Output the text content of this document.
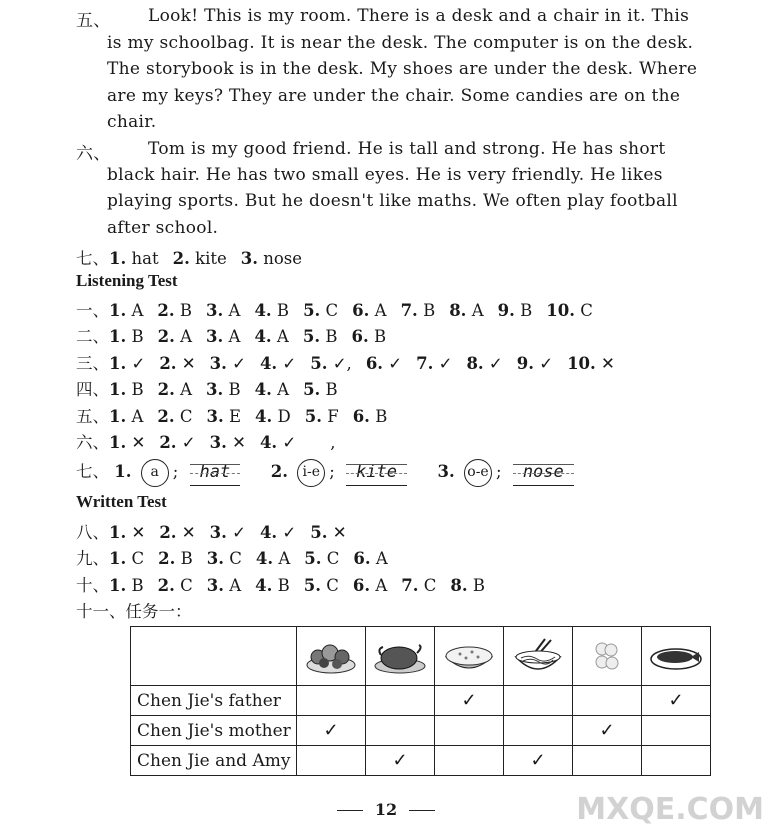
五、 Look! This is my room. There is a desk and a chair in it. This
is my schoolbag. It is near the desk. The computer is on the desk.
The storybook is in the desk. My shoes are under the desk. Where
are my keys? They are under the chair. Some candies are on the
chair.
六、 Tom is my good friend. He is tall and strong. He has short
black hair. He has two small eyes. He is very friendly. He likes
playing sports. But he doesn't like maths. We often play football
after school.
七、1. hat 2. kite 3. nose
Listening Test
一、1. A 2. B 3. A 4. B 5. C 6. A 7. B 8. A 9. B 10. C
二、1. B 2. A 3. A 4. A 5. B 6. B
三、1. ✓ 2. ✕ 3. ✓ 4. ✓ 5. ✓, 6. ✓ 7. ✓ 8. ✓ 9. ✓ 10. ✕
四、1. B 2. A 3. B 4. A 5. B
五、1. A 2. C 3. E 4. D 5. F 6. B
六、1. ✕ 2. ✓ 3. ✕ 4. ✓ ,
七、 1. a ; hat 2. i-e ; kite 3. o-e ; nose
Written Test
八、1. ✕ 2. ✕ 3. ✓ 4. ✓ 5. ✕
九、1. C 2. B 3. C 4. A 5. C 6. A
十、1. B 2. C 3. A 4. B 5. C 6. A 7. C 8. B
十一、任务一：

Chen Jie's father			✓			✓
Chen Jie's mother	✓				✓	
Chen Jie and Amy		✓		✓		
12	MXQE.COM
